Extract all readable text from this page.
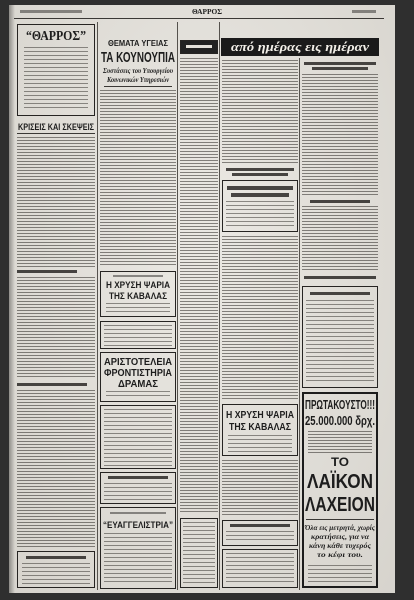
ΘΑΡΡΟΣ
“ΘΑΡΡΟΣ”
ΚΡΙΣΕΙΣ ΚΑΙ ΣΚΕΨΕΙΣ
ΘΕΜΑΤΑ ΥΓΕΙΑΣ
ΤΑ ΚΟΥΝΟΥΠΙΑ
Συστάσεις του Υπουργείου
Κοινωνικών Υπηρεσιών
Η ΧΡΥΣΗ ΨΑΡΙΑ
ΤΗΣ ΚΑΒΑΛΑΣ
ΑΡΙΣΤΟΤΕΛΕΙΑ
ΦΡΟΝΤΙΣΤΗΡΙΑ
ΔΡΑΜΑΣ
“ΕΥΑΓΓΕΛΙΣΤΡΙΑ”
από ημέρας εις ημέραν
Η ΧΡΥΣΗ ΨΑΡΙΑ
ΤΗΣ ΚΑΒΑΛΑΣ
ΠΡΩΤΑΚΟΥΣΤΟ!!!
25.000.000 δρχ.
ΤΟ
ΛΑΪΚΟΝ
ΛΑΧΕΙΟΝ
Όλα εις μετρητά, χωρίς
κρατήσεις, για να
κάνη κάθε τυχερός
το κέφι του.
